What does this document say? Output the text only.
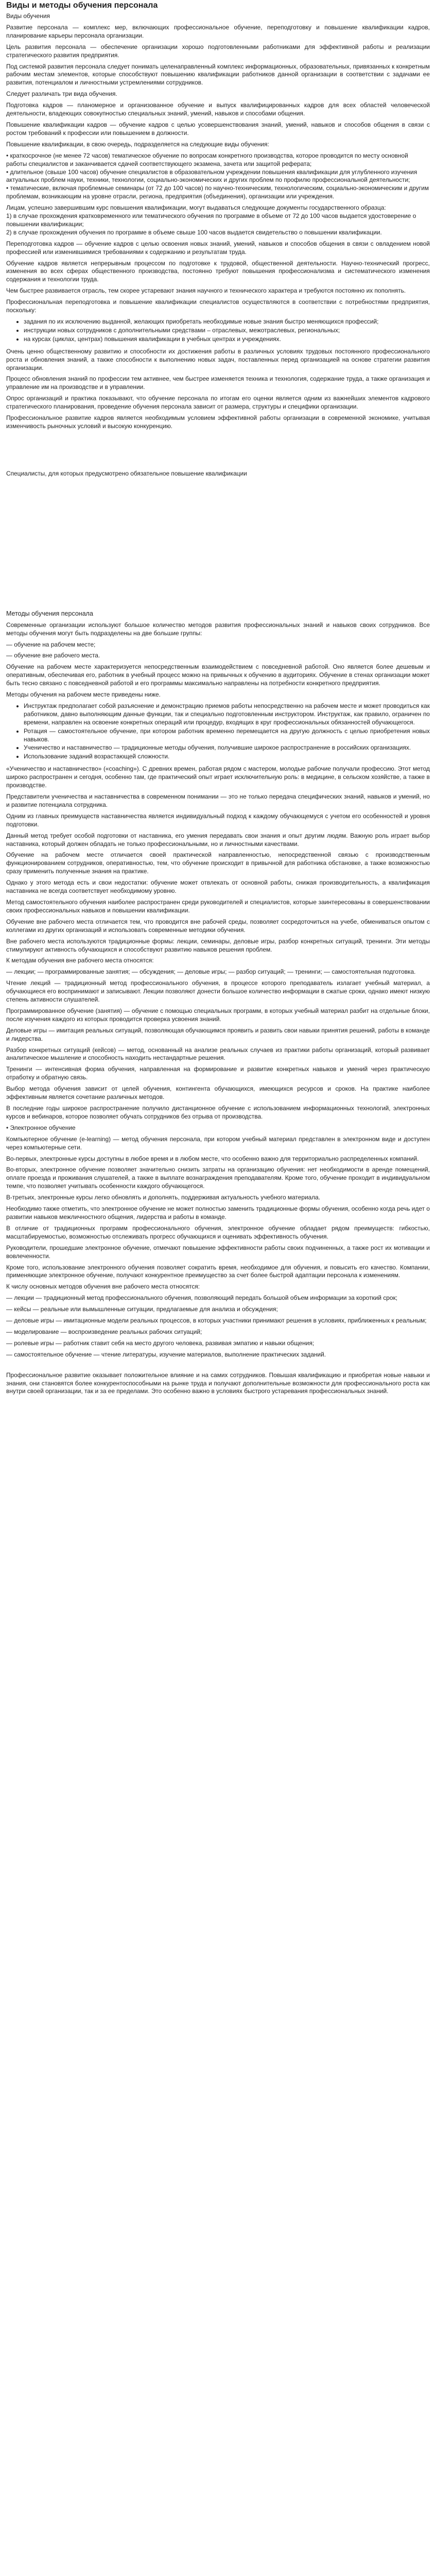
Виды и методы обучения персонала

Виды обучения

Развитие персонала — комплекс мер, включающих профессиональное обучение, переподготовку и повышение квалификации кадров, планирование карьеры персонала организации.

Цель развития персонала — обеспечение организации хорошо подготовленными работниками для эффективной работы и реализации стратегического развития предприятия.

Под системой развития персонала следует понимать целенаправленный комплекс информационных, образовательных, привязанных к конкретным рабочим местам элементов, которые способствуют повышению квалификации работников данной организации в соответствии с задачами ее развития, потенциалом и личностными устремлениями сотрудников.

Следует различать три вида обучения.

Подготовка кадров — планомерное и организованное обучение и выпуск квалифицированных кадров для всех областей человеческой деятельности, владеющих совокупностью специальных знаний, умений, навыков и способами общения.

Повышение квалификации кадров — обучение кадров с целью усовершенствования знаний, умений, навыков и способов общения в связи с ростом требований к профессии или повышением в должности.

Повышение квалификации, в свою очередь, подразделяется на следующие виды обучения:

• краткосрочное (не менее 72 часов) тематическое обучение по вопросам конкретного производства, которое проводится по месту основной работы специалистов и заканчивается сдачей соответствующего экзамена, зачета или защитой реферата;
• длительное (свыше 100 часов) обучение специалистов в образовательном учреждении повышения квалификации для углубленного изучения актуальных проблем науки, техники, технологии, социально-экономических и других проблем по профилю профессиональной деятельности;
• тематические, включая проблемные семинары (от 72 до 100 часов) по научно-техническим, технологическим, социально-экономическим и другим проблемам, возникающим на уровне отрасли, региона, предприятия (объединения), организации или учреждения.

Лицам, успешно завершившим курс повышения квалификации, могут выдаваться следующие документы государственного образца:
1) в случае прохождения кратковременного или тематического обучения по программе в объеме от 72 до 100 часов выдается удостоверение о повышении квалификации;
2) в случае прохождения обучения по программе в объеме свыше 100 часов выдается свидетельство о повышении квалификации.

Переподготовка кадров — обучение кадров с целью освоения новых знаний, умений, навыков и способов общения в связи с овладением новой профессией или изменившимися требованиями к содержанию и результатам труда.

Обучение кадров является непрерывным процессом по подготовке к трудовой, общественной деятельности. Научно-технический прогресс, изменения во всех сферах общественного производства, постоянно требуют повышения профессионализма и систематического изменения содержания и технологии труда.

Чем быстрее развивается отрасль, тем скорее устаревают знания научного и технического характера и требуются постоянно их пополнять.

Профессиональная переподготовка и повышение квалификации специалистов осуществляются в соответствии с потребностями предприятия, поскольку:

• задания по их исключению выданной, желающих приобретать необходимые новые знания быстро меняющихся профессий;
• инструкции новых сотрудников с дополнительными средствами – отраслевых, межотраслевых, региональных;
• на курсах (циклах, центрах) повышения квалификации в учебных центрах и учреждениях.

Очень ценно общественному развитию и способности их достижения работы в различных условиях трудовых постоянного профессионального роста и обновления знаний, а также способности к выполнению новых задач, поставленных перед организацией на основе стратегии развития организации.

Процесс обновления знаний по профессии тем активнее, чем быстрее изменяется техника и технология, содержание труда, а также организация и управление им на производстве и в управлении.

Опрос организаций и практика показывают, что обучение персонала по итогам его оценки является одним из важнейших элементов кадрового стратегического планирования, проведение обучения персонала зависит от размера, структуры и специфики организации.

Профессиональное развитие кадров является необходимым условием эффективной работы организации в современной экономике, учитывая изменчивость рыночных условий и высокую конкуренцию.

Специалисты, для которых предусмотрено обязательное повышение квалификации

Методы обучения персонала

Современные организации используют большое количество методов развития профессиональных знаний и навыков своих сотрудников. Все методы обучения могут быть подразделены на две большие группы:

— обучение на рабочем месте;

— обучение вне рабочего места.

Обучение на рабочем месте характеризуется непосредственным взаимодействием с повседневной работой. Оно является более дешевым и оперативным, обеспечивая его, работник в учебный процесс можно на привычных к обучению в аудиториях. Обучение в стенах организации может быть тесно связано с повседневной работой и его программы максимально направлены на потребности конкретного предприятия.

Методы обучения на рабочем месте приведены ниже.

• Инструктаж предполагает собой разъяснение и демонстрацию приемов работы непосредственно на рабочем месте и может проводиться как работником, давно выполняющим данные функции, так и специально подготовленным инструктором. Инструктаж, как правило, ограничен по времени, направлен на освоение конкретных операций или процедур, входящих в круг профессиональных обязанностей обучающегося.
• Ротация — самостоятельное обучение, при котором работник временно перемещается на другую должность с целью приобретения новых навыков.
• Ученичество и наставничество — традиционные методы обучения, получившие широкое распространение в российских организациях.
• Использование заданий возрастающей сложности.

«Ученичество и наставничество» («coaching»). С древних времен, работая рядом с мастером, молодые рабочие получали профессию. Этот метод широко распространен и сегодня, особенно там, где практический опыт играет исключительную роль: в медицине, в сельском хозяйстве, а также в производстве.

Представители ученичества и наставничества в современном понимании — это не только передача специфических знаний, навыков и умений, но и развитие потенциала сотрудника.

Одним из главных преимуществ наставничества является индивидуальный подход к каждому обучающемуся с учетом его особенностей и уровня подготовки.

Данный метод требует особой подготовки от наставника, его умения передавать свои знания и опыт другим людям. Важную роль играет выбор наставника, который должен обладать не только профессиональными, но и личностными качествами.

Обучение на рабочем месте отличается своей практической направленностью, непосредственной связью с производственным функционированием сотрудников, оперативностью, тем, что обучение происходит в привычной для работника обстановке, а также возможностью сразу применить полученные знания на практике.

Однако у этого метода есть и свои недостатки: обучение может отвлекать от основной работы, снижая производительность, а квалификация наставника не всегда соответствует необходимому уровню.

Метод самостоятельного обучения наиболее распространен среди руководителей и специалистов, которые заинтересованы в совершенствовании своих профессиональных навыков и повышении квалификации.

Обучение вне рабочего места отличается тем, что проводится вне рабочей среды, позволяет сосредоточиться на учебе, обмениваться опытом с коллегами из других организаций и использовать современные методики обучения.

Вне рабочего места используются традиционные формы: лекции, семинары, деловые игры, разбор конкретных ситуаций, тренинги. Эти методы стимулируют активность обучающихся и способствуют развитию навыков решения проблем.

К методам обучения вне рабочего места относятся:

— лекции; — программированные занятия; — обсуждения; — деловые игры; — разбор ситуаций; — тренинги; — самостоятельная подготовка.

Чтение лекций — традиционный метод профессионального обучения, в процессе которого преподаватель излагает учебный материал, а обучающиеся его воспринимают и записывают. Лекции позволяют донести большое количество информации в сжатые сроки, однако имеют низкую степень активности слушателей.

Программированное обучение (занятия) — обучение с помощью специальных программ, в которых учебный материал разбит на отдельные блоки, после изучения каждого из которых проводится проверка усвоения знаний.

Деловые игры — имитация реальных ситуаций, позволяющая обучающимся проявить и развить свои навыки принятия решений, работы в команде и лидерства.

Разбор конкретных ситуаций (кейсов) — метод, основанный на анализе реальных случаев из практики работы организаций, который развивает аналитическое мышление и способность находить нестандартные решения.

Тренинги — интенсивная форма обучения, направленная на формирование и развитие конкретных навыков и умений через практическую отработку и обратную связь.

Выбор метода обучения зависит от целей обучения, контингента обучающихся, имеющихся ресурсов и сроков. На практике наиболее эффективным является сочетание различных методов.

В последние годы широкое распространение получило дистанционное обучение с использованием информационных технологий, электронных курсов и вебинаров, которое позволяет обучать сотрудников без отрыва от производства.

• Электронное обучение

Компьютерное обучение (e-learning) — метод обучения персонала, при котором учебный материал представлен в электронном виде и доступен через компьютерные сети.

Во-первых, электронные курсы доступны в любое время и в любом месте, что особенно важно для территориально распределенных компаний.

Во-вторых, электронное обучение позволяет значительно снизить затраты на организацию обучения: нет необходимости в аренде помещений, оплате проезда и проживания слушателей, а также в выплате вознаграждения преподавателям. Кроме того, обучение проходит в индивидуальном темпе, что позволяет учитывать особенности каждого обучающегося.

В-третьих, электронные курсы легко обновлять и дополнять, поддерживая актуальность учебного материала.

Необходимо также отметить, что электронное обучение не может полностью заменить традиционные формы обучения, особенно когда речь идет о развитии навыков межличностного общения, лидерства и работы в команде.

В отличие от традиционных программ профессионального обучения, электронное обучение обладает рядом преимуществ: гибкостью, масштабируемостью, возможностью отслеживать прогресс обучающихся и оценивать эффективность обучения.

Руководители, прошедшие электронное обучение, отмечают повышение эффективности работы своих подчиненных, а также рост их мотивации и вовлеченности.

Кроме того, использование электронного обучения позволяет сократить время, необходимое для обучения, и повысить его качество. Компании, применяющие электронное обучение, получают конкурентное преимущество за счет более быстрой адаптации персонала к изменениям.

К числу основных методов обучения вне рабочего места относятся:

— лекции — традиционный метод профессионального обучения, позволяющий передать большой объем информации за короткий срок;

— кейсы — реальные или вымышленные ситуации, предлагаемые для анализа и обсуждения;

— деловые игры — имитационные модели реальных процессов, в которых участники принимают решения в условиях, приближенных к реальным;

— моделирование — воспроизведение реальных рабочих ситуаций;

— ролевые игры — работник ставит себя на место другого человека, развивая эмпатию и навыки общения;

— самостоятельное обучение — чтение литературы, изучение материалов, выполнение практических заданий.

Профессиональное развитие оказывает положительное влияние и на самих сотрудников. Повышая квалификацию и приобретая новые навыки и знания, они становятся более конкурентоспособными на рынке труда и получают дополнительные возможности для профессионального роста как внутри своей организации, так и за ее пределами. Это особенно важно в условиях быстрого устаревания профессиональных знаний.
